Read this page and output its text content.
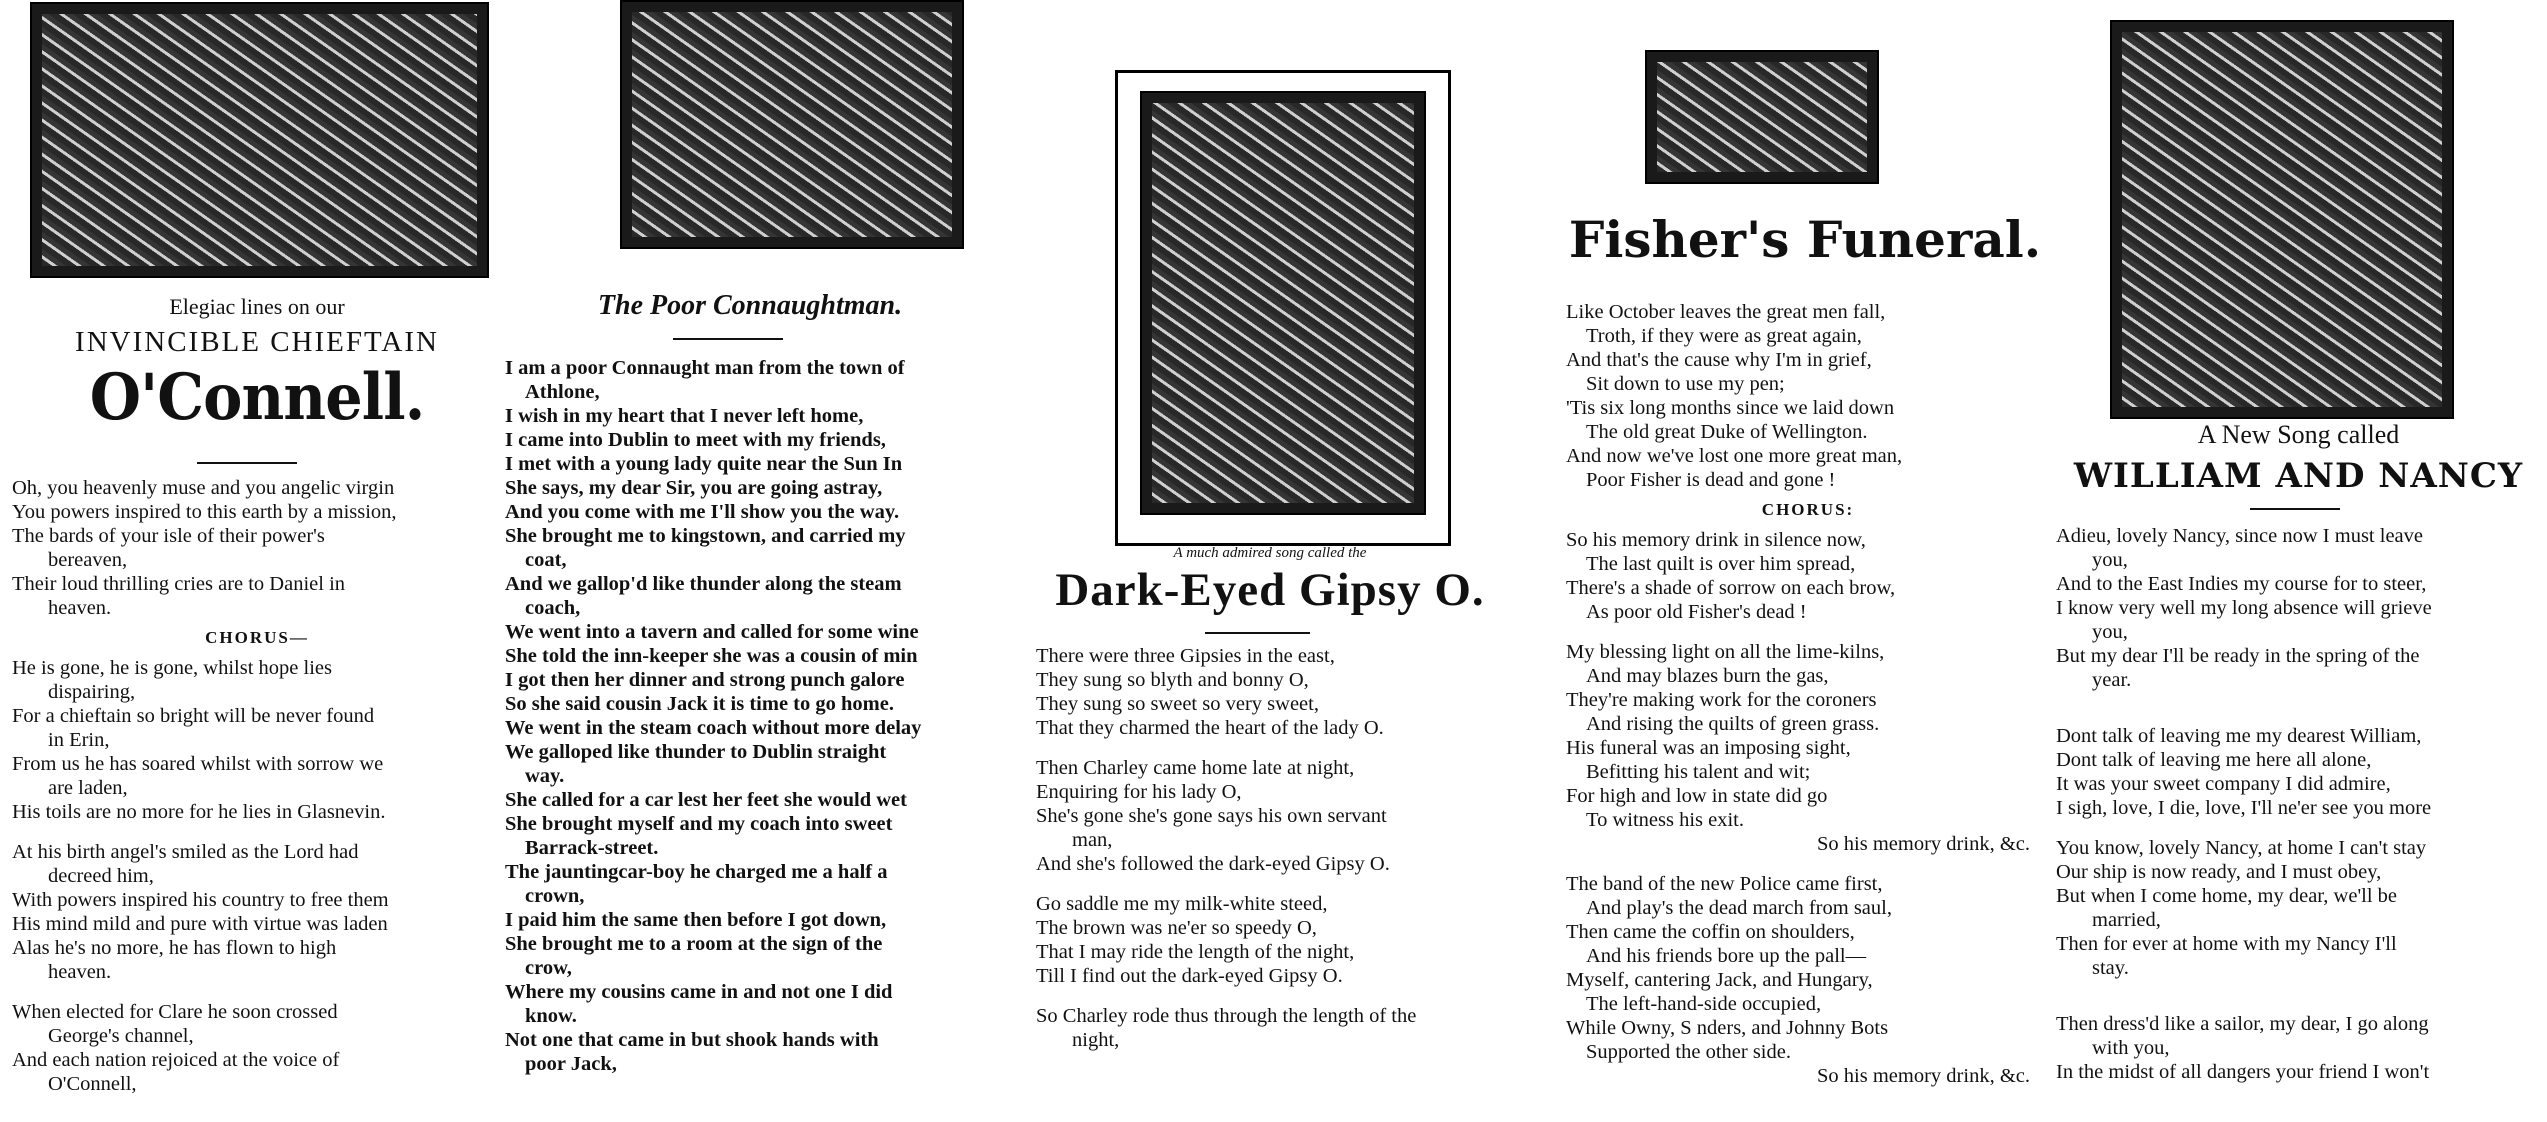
Elegiac lines on our
INVINCIBLE CHIEFTAIN
O'Connell.
Oh, you heavenly muse and you angelic virgin
You powers inspired to this earth by a mission,
The bards of your isle of their power's
bereaven,
Their loud thrilling cries are to Daniel in
heaven.
CHORUS—
He is gone, he is gone, whilst hope lies
dispairing,
For a chieftain so bright will be never found
in Erin,
From us he has soared whilst with sorrow we
are laden,
His toils are no more for he lies in Glasnevin.
At his birth angel's smiled as the Lord had
decreed him,
With powers inspired his country to free them
His mind mild and pure with virtue was laden
Alas he's no more, he has flown to high
heaven.
When elected for Clare he soon crossed
George's channel,
And each nation rejoiced at the voice of
O'Connell,
The Poor Connaughtman.
I am a poor Connaught man from the town of
Athlone,
I wish in my heart that I never left home,
I came into Dublin to meet with my friends,
I met with a young lady quite near the Sun In
She says, my dear Sir, you are going astray,
And you come with me I'll show you the way.
She brought me to kingstown, and carried my
coat,
And we gallop'd like thunder along the steam
coach,
We went into a tavern and called for some wine
She told the inn-keeper she was a cousin of min
I got then her dinner and strong punch galore
So she said cousin Jack it is time to go home.
We went in the steam coach without more delay
We galloped like thunder to Dublin straight
way.
She called for a car lest her feet she would wet
She brought myself and my coach into sweet
Barrack-street.
The jauntingcar-boy he charged me a half a
crown,
I paid him the same then before I got down,
She brought me to a room at the sign of the
crow,
Where my cousins came in and not one I did
know.
Not one that came in but shook hands with
poor Jack,
A much admired song called the
Dark-Eyed Gipsy O.
There were three Gipsies in the east,
They sung so blyth and bonny O,
They sung so sweet so very sweet,
That they charmed the heart of the lady O.
Then Charley came home late at night,
Enquiring for his lady O,
She's gone she's gone says his own servant
man,
And she's followed the dark-eyed Gipsy O.
Go saddle me my milk-white steed,
The brown was ne'er so speedy O,
That I may ride the length of the night,
Till I find out the dark-eyed Gipsy O.
So Charley rode thus through the length of the
night,
Fisher's Funeral.
Like October leaves the great men fall,
Troth, if they were as great again,
And that's the cause why I'm in grief,
Sit down to use my pen;
'Tis six long months since we laid down
The old great Duke of Wellington.
And now we've lost one more great man,
Poor Fisher is dead and gone !
CHORUS:
So his memory drink in silence now,
The last quilt is over him spread,
There's a shade of sorrow on each brow,
As poor old Fisher's dead !
My blessing light on all the lime-kilns,
And may blazes burn the gas,
They're making work for the coroners
And rising the quilts of green grass.
His funeral was an imposing sight,
Befitting his talent and wit;
For high and low in state did go
To witness his exit.
So his memory drink, &c.
The band of the new Police came first,
And play's the dead march from saul,
Then came the coffin on shoulders,
And his friends bore up the pall—
Myself, cantering Jack, and Hungary,
The left-hand-side occupied,
While Owny, S nders, and Johnny Bots
Supported the other side.
So his memory drink, &c.
A New Song called
WILLIAM AND NANCY
Adieu, lovely Nancy, since now I must leave
you,
And to the East Indies my course for to steer,
I know very well my long absence will grieve
you,
But my dear I'll be ready in the spring of the
year.
Dont talk of leaving me my dearest William,
Dont talk of leaving me here all alone,
It was your sweet company I did admire,
I sigh, love, I die, love, I'll ne'er see you more
You know, lovely Nancy, at home I can't stay
Our ship is now ready, and I must obey,
But when I come home, my dear, we'll be
married,
Then for ever at home with my Nancy I'll
stay.
Then dress'd like a sailor, my dear, I go along
with you,
In the midst of all dangers your friend I won't
